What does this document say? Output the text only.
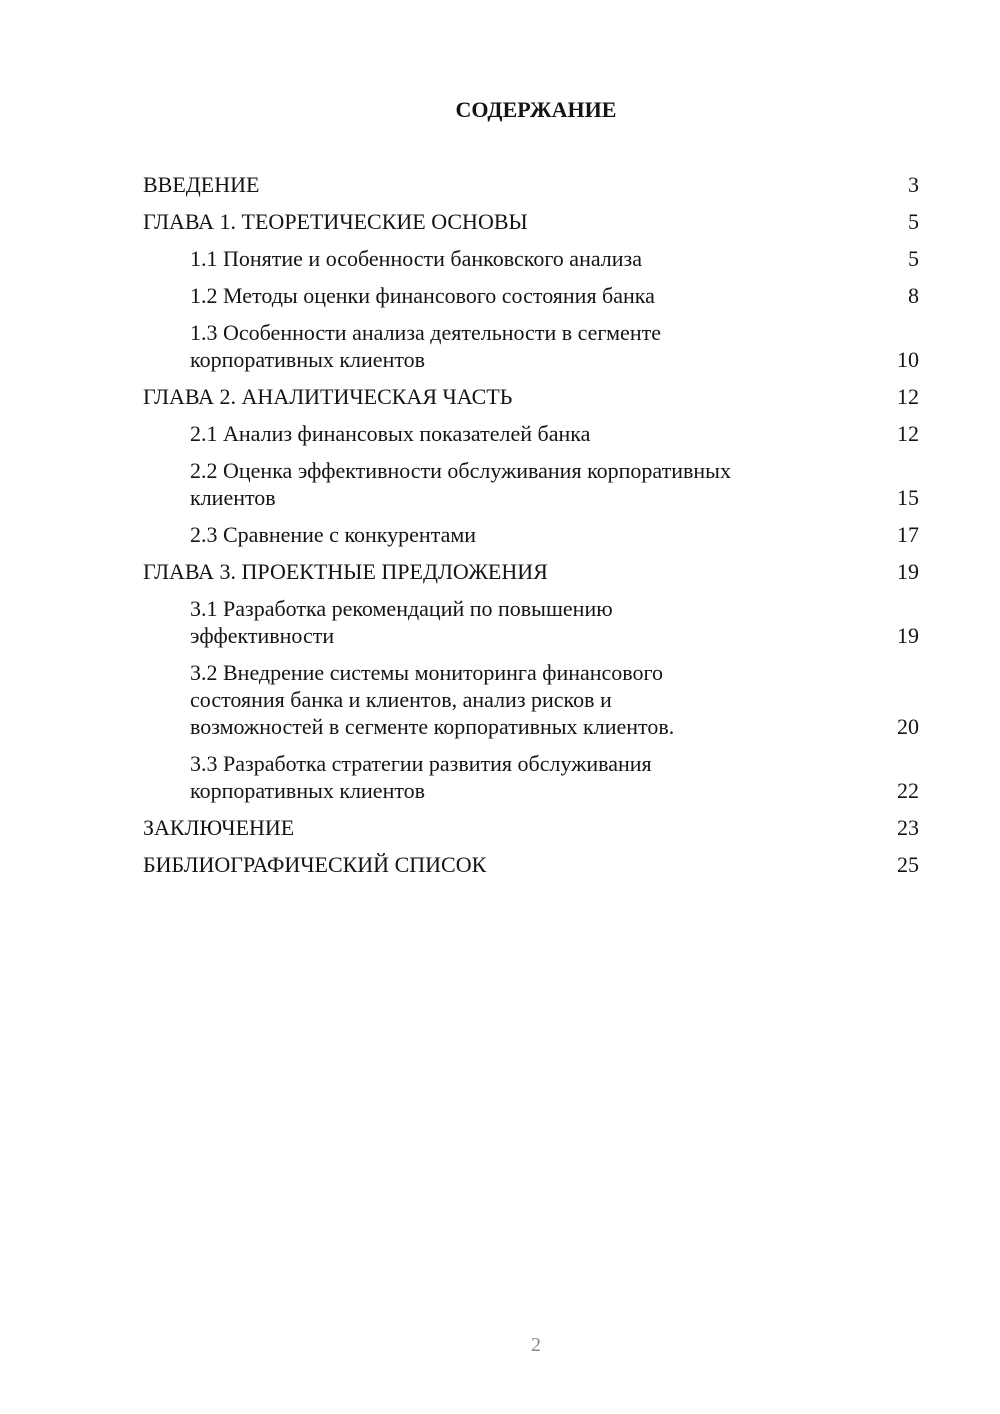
СОДЕРЖАНИЕ
ВВЕДЕНИЕ	3
ГЛАВА 1. ТЕОРЕТИЧЕСКИЕ ОСНОВЫ	5
1.1 Понятие и особенности банковского анализа	5
1.2 Методы оценки финансового состояния банка	8
1.3 Особенности анализа деятельности в сегменте
корпоративных клиентов	10
ГЛАВА 2. АНАЛИТИЧЕСКАЯ ЧАСТЬ	12
2.1 Анализ финансовых показателей банка	12
2.2 Оценка эффективности обслуживания корпоративных
клиентов	15
2.3 Сравнение с конкурентами	17
ГЛАВА 3. ПРОЕКТНЫЕ ПРЕДЛОЖЕНИЯ	19
3.1 Разработка рекомендаций по повышению
эффективности	19
3.2 Внедрение системы мониторинга финансового
состояния банка и клиентов, анализ рисков и
возможностей в сегменте корпоративных клиентов.	20
3.3 Разработка стратегии развития обслуживания
корпоративных клиентов	22
ЗАКЛЮЧЕНИЕ	23
БИБЛИОГРАФИЧЕСКИЙ СПИСОК	25
2
